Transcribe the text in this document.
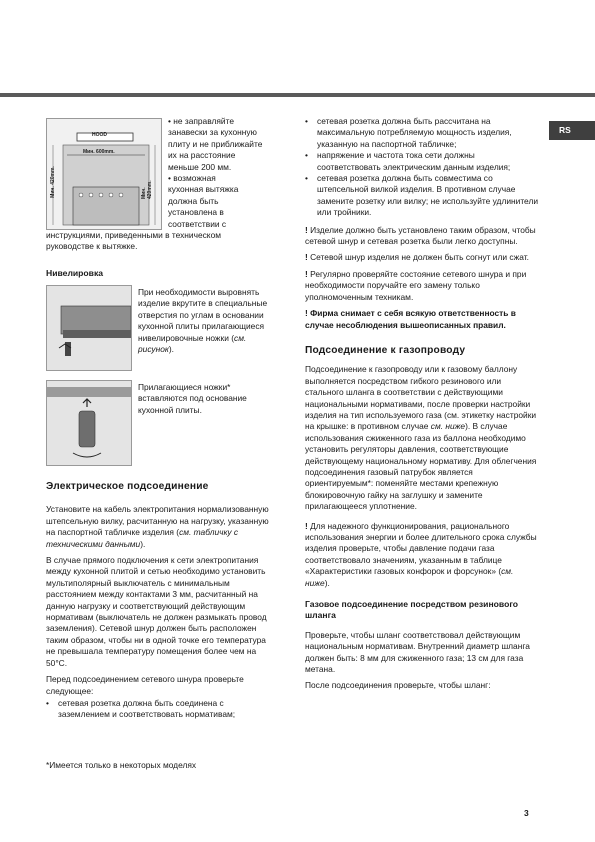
RS
HOOD
Мин. 600mm.
Мин. 420mm.	Мин. 420mm.
• не заправляйте
занавески за кухонную
плиту и не приближайте
их на расстояние
меньше 200 мм.
• возможная
кухонная вытяжка
должна быть
установлена в
соответствии с

инструкциями, приведенными в техническом руководстве к вытяжке.

Нивелировка
При необходимости выровнять изделие вкрутите в специальные отверстия по углам в основании кухонной плиты прилагающиеся нивелировочные ножки (см. рисунок).
Прилагающиеся ножки* вставляются под основание кухонной плиты.
Электрическое подсоединение

Установите на кабель электропитания нормализованную штепсельную вилку, расчитанную на нагрузку, указанную на паспортной табличке изделия (см. табличку с техническими данными).

В случае прямого подключения к сети электропитания между кухонной плитой и сетью необходимо установить мультиполярный выключатель с минимальным расстоянием между контактами 3 мм, расчитанный на данную нагрузку и соответствующий действующим нормативам (выключатель не должен размыкать провод заземления). Сетевой шнур должен быть расположен таким образом, чтобы ни в одной точке его температура не превышала температуру помещения более чем на 50°C.

Перед подсоединением сетевого шнура проверьте следующее:

• сетевая розетка должна быть соединена с заземлением и соответствовать нормативам;
*Имеется только в некоторых моделях
• сетевая розетка должна быть рассчитана на максимальную потребляемую мощность изделия, указанную на паспортной табличке;
• напряжение и частота тока сети должны соответствовать электрическим данным изделия;
• сетевая розетка должна быть совместима со штепсельной вилкой изделия. В противном случае замените розетку или вилку; не используйте удлинители или тройники.

! Изделие должно быть установлено таким образом, чтобы сетевой шнур и сетевая розетка были легко доступны.

! Сетевой шнур изделия не должен быть согнут или сжат.

! Регулярно проверяйте состояние сетевого шнура и при необходимости поручайте его замену только уполномоченным техникам.

! Фирма снимает с себя всякую ответственность в случае несоблюдения вышеописанных правил.

Подсоединение к газопроводу

Подсоединение к газопроводу или к газовому баллону выполняется посредством гибкого резинового или стального шланга в соответствии с действующими национальными нормативами, после проверки настройки изделия на тип используемого газа (см. этикетку настройки на крышке: в противном случае см. ниже). В случае использования сжиженного газа из баллона необходимо установить регуляторы давления, соответствующие действующему национальному нормативу. Для облегчения подсоединения газовый патрубок является ориентируемым*: поменяйте местами крепежную блокировочную гайку на заглушку и замените прилагающееся уплотнение.

! Для надежного функционирования, рационального использования энергии и более длительного срока службы изделия проверьте, чтобы давление подачи газа соответствовало значениям, указанным в таблице «Характеристики газовых конфорок и форсунок» (см. ниже).

Газовое подсоединение посредством резинового шланга

Проверьте, чтобы шланг соответствовал действующим национальным нормативам. Внутренний диаметр шланга должен быть: 8 мм для сжиженного газа; 13 см для газа метана.

После подсоединения проверьте, чтобы шланг:

3
